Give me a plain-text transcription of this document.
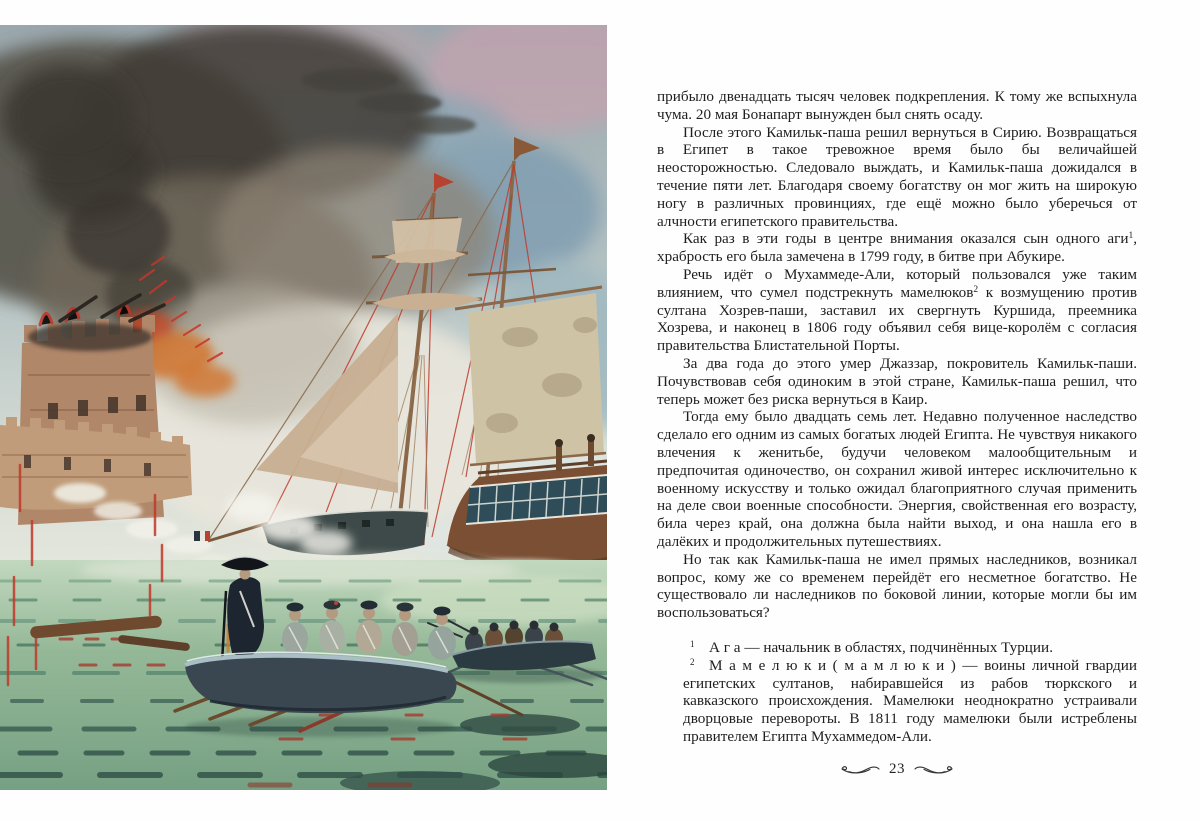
прибыло двенадцать тысяч человек подкрепления. К тому же вспыхнула чума. 20 мая Бонапарт вынужден был снять осаду.

После этого Камильк-паша решил вернуться в Сирию. Возвращаться в Египет в такое тревожное время было бы величайшей неосторожностью. Следовало выждать, и Камильк-паша дожидался в течение пяти лет. Благодаря своему богатству он мог жить на широкую ногу в различных провинциях, где ещё можно было уберечься от алчности египетского правительства.

Как раз в эти годы в центре внимания оказался сын одного аги$^1$, храбрость его была замечена в 1799 году, в битве при Абукире.

Речь идёт о Мухаммеде-Али, который пользовался уже таким влиянием, что сумел подстрекнуть мамелюков$^2$ к возмущению против султана Хозрев-паши, заставил их свергнуть Куршида, преемника Хозрева, и наконец в 1806 году объявил себя вице-королём с согласия правительства Блистательной Порты.

За два года до этого умер Джаззар, покровитель Камильк-паши. Почувствовав себя одиноким в этой стране, Камильк-паша решил, что теперь может без риска вернуться в Каир.

Тогда ему было двадцать семь лет. Недавно полученное наследство сделало его одним из самых богатых людей Египта. Не чувствуя никакого влечения к женитьбе, будучи человеком малообщительным и предпочитая одиночество, он сохранил живой интерес исключительно к военному искусству и только ожидал благоприятного случая применить на деле свои военные способности. Энергия, свойственная его возрасту, била через край, она должна была найти выход, и она нашла его в далёких и продолжительных путешествиях.

Но так как Камильк-паша не имел прямых наследников, возникал вопрос, кому же со временем перейдёт его несметное богатство. Не существовало ли наследников по боковой линии, которые могли бы им воспользоваться?

1 А г а — начальник в областях, подчинённых Турции.

2 М а м е л ю к и ( м а м л ю к и ) — воины личной гвардии египетских султанов, набиравшейся из рабов тюркского и кавказского происхождения. Мамелюки неоднократно устраивали дворцовые перевороты. В 1811 году мамелюки были истреблены правителем Египта Мухаммедом-Али.

23
